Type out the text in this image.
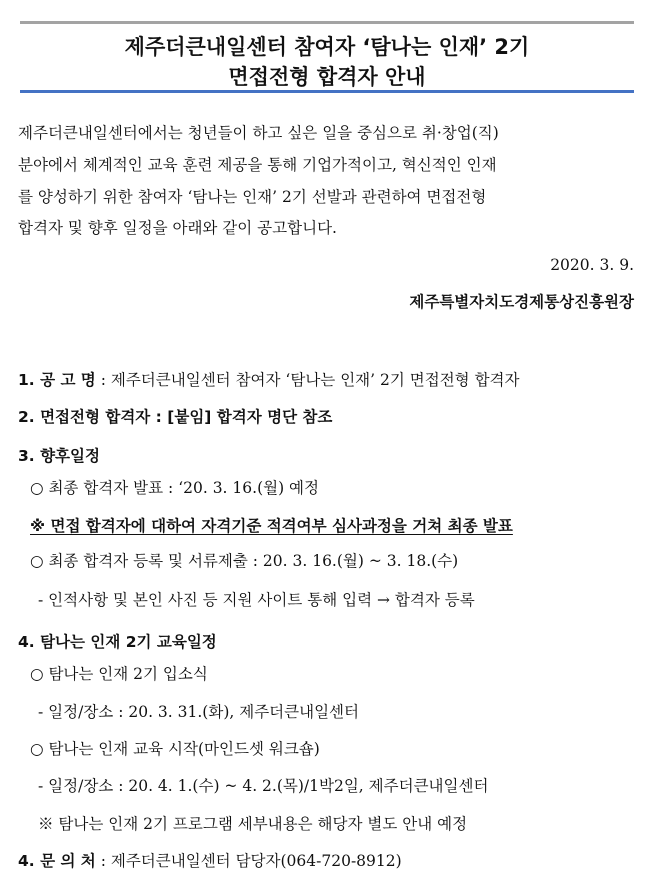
제주더큰내일센터 참여자 ‘탐나는 인재’ 2기
면접전형 합격자 안내
제주더큰내일센터에서는 청년들이 하고 싶은 일을 중심으로 취·창업(직)
분야에서 체계적인 교육 훈련 제공을 통해 기업가적이고, 혁신적인 인재
를 양성하기 위한 참여자 ‘탐나는 인재’ 2기 선발과 관련하여 면접전형
합격자 및 향후 일정을 아래와 같이 공고합니다.
2020. 3. 9.
제주특별자치도경제통상진흥원장
1. 공 고 명 : 제주더큰내일센터 참여자 ‘탐나는 인재’ 2기 면접전형 합격자
2. 면접전형 합격자 : [붙임] 합격자 명단 참조
3. 향후일정
○ 최종 합격자 발표 : ‘20. 3. 16.(월) 예정
※ 면접 합격자에 대하여 자격기준 적격여부 심사과정을 거쳐 최종 발표
○ 최종 합격자 등록 및 서류제출 : 20. 3. 16.(월) ~ 3. 18.(수)
- 인적사항 및 본인 사진 등 지원 사이트 통해 입력 → 합격자 등록
4. 탐나는 인재 2기 교육일정
○ 탐나는 인재 2기 입소식
- 일정/장소 : 20. 3. 31.(화), 제주더큰내일센터
○ 탐나는 인재 교육 시작(마인드셋 워크숍)
- 일정/장소 : 20. 4. 1.(수) ~ 4. 2.(목)/1박2일, 제주더큰내일센터
※ 탐나는 인재 2기 프로그램 세부내용은 해당자 별도 안내 예정
4. 문 의 처 : 제주더큰내일센터 담당자(064-720-8912)
